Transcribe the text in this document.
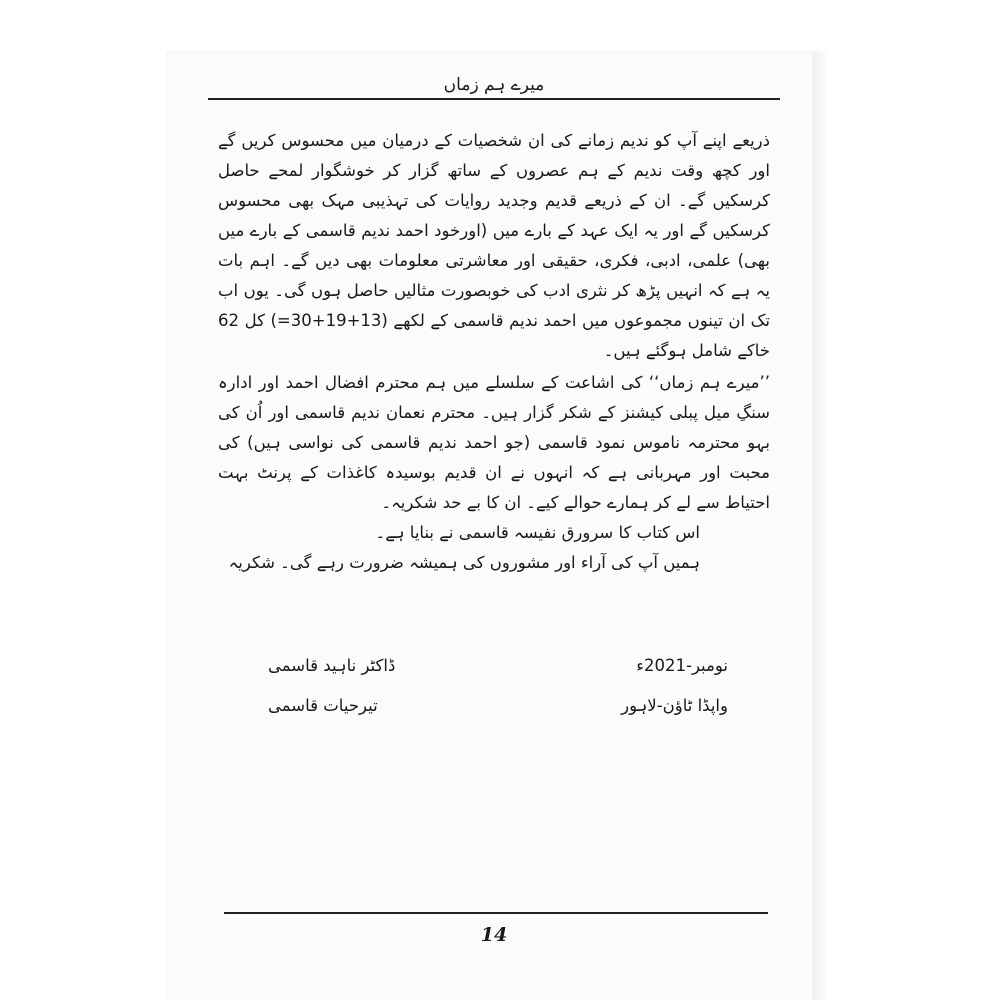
میرے ہم زماں

ذریعے اپنے آپ کو ندیم زمانے کی ان شخصیات کے درمیان میں محسوس کریں گے اور کچھ وقت ندیم کے ہم عصروں کے ساتھ گزار کر خوشگوار لمحے حاصل کرسکیں گے۔ ان کے ذریعے قدیم وجدید روایات کی تہذیبی مہک بھی محسوس کرسکیں گے اور یہ ایک عہد کے بارے میں (اورخود احمد ندیم قاسمی کے بارے میں بھی) علمی، ادبی، فکری، حقیقی اور معاشرتی معلومات بھی دیں گے۔ اہم بات یہ ہے کہ انہیں پڑھ کر نثری ادب کی خوبصورت مثالیں حاصل ہوں گی۔ یوں اب تک ان تینوں مجموعوں میں احمد ندیم قاسمی کے لکھے (13+19+30=) کل 62 خاکے شامل ہوگئے ہیں۔

’’میرے ہم زماں‘‘ کی اشاعت کے سلسلے میں ہم محترم افضال احمد اور ادارہ سنگِ میل پبلی کیشنز کے شکر گزار ہیں۔ محترم نعمان ندیم قاسمی اور اُن کی بہو محترمہ ناموس نمود قاسمی (جو احمد ندیم قاسمی کی نواسی ہیں) کی محبت اور مہربانی ہے کہ انہوں نے ان قدیم بوسیدہ کاغذات کے پرنٹ بہت احتیاط سے لے کر ہمارے حوالے کیے۔ ان کا بے حد شکریہ۔

اس کتاب کا سرورق نفیسہ قاسمی نے بنایا ہے۔

ہمیں آپ کی آراء اور مشوروں کی ہمیشہ ضرورت رہے گی۔ شکریہ

نومبر-2021ء
ڈاکٹر ناہید قاسمی
واپڈا ٹاؤن-لاہور
تیرحیات قاسمی
14
